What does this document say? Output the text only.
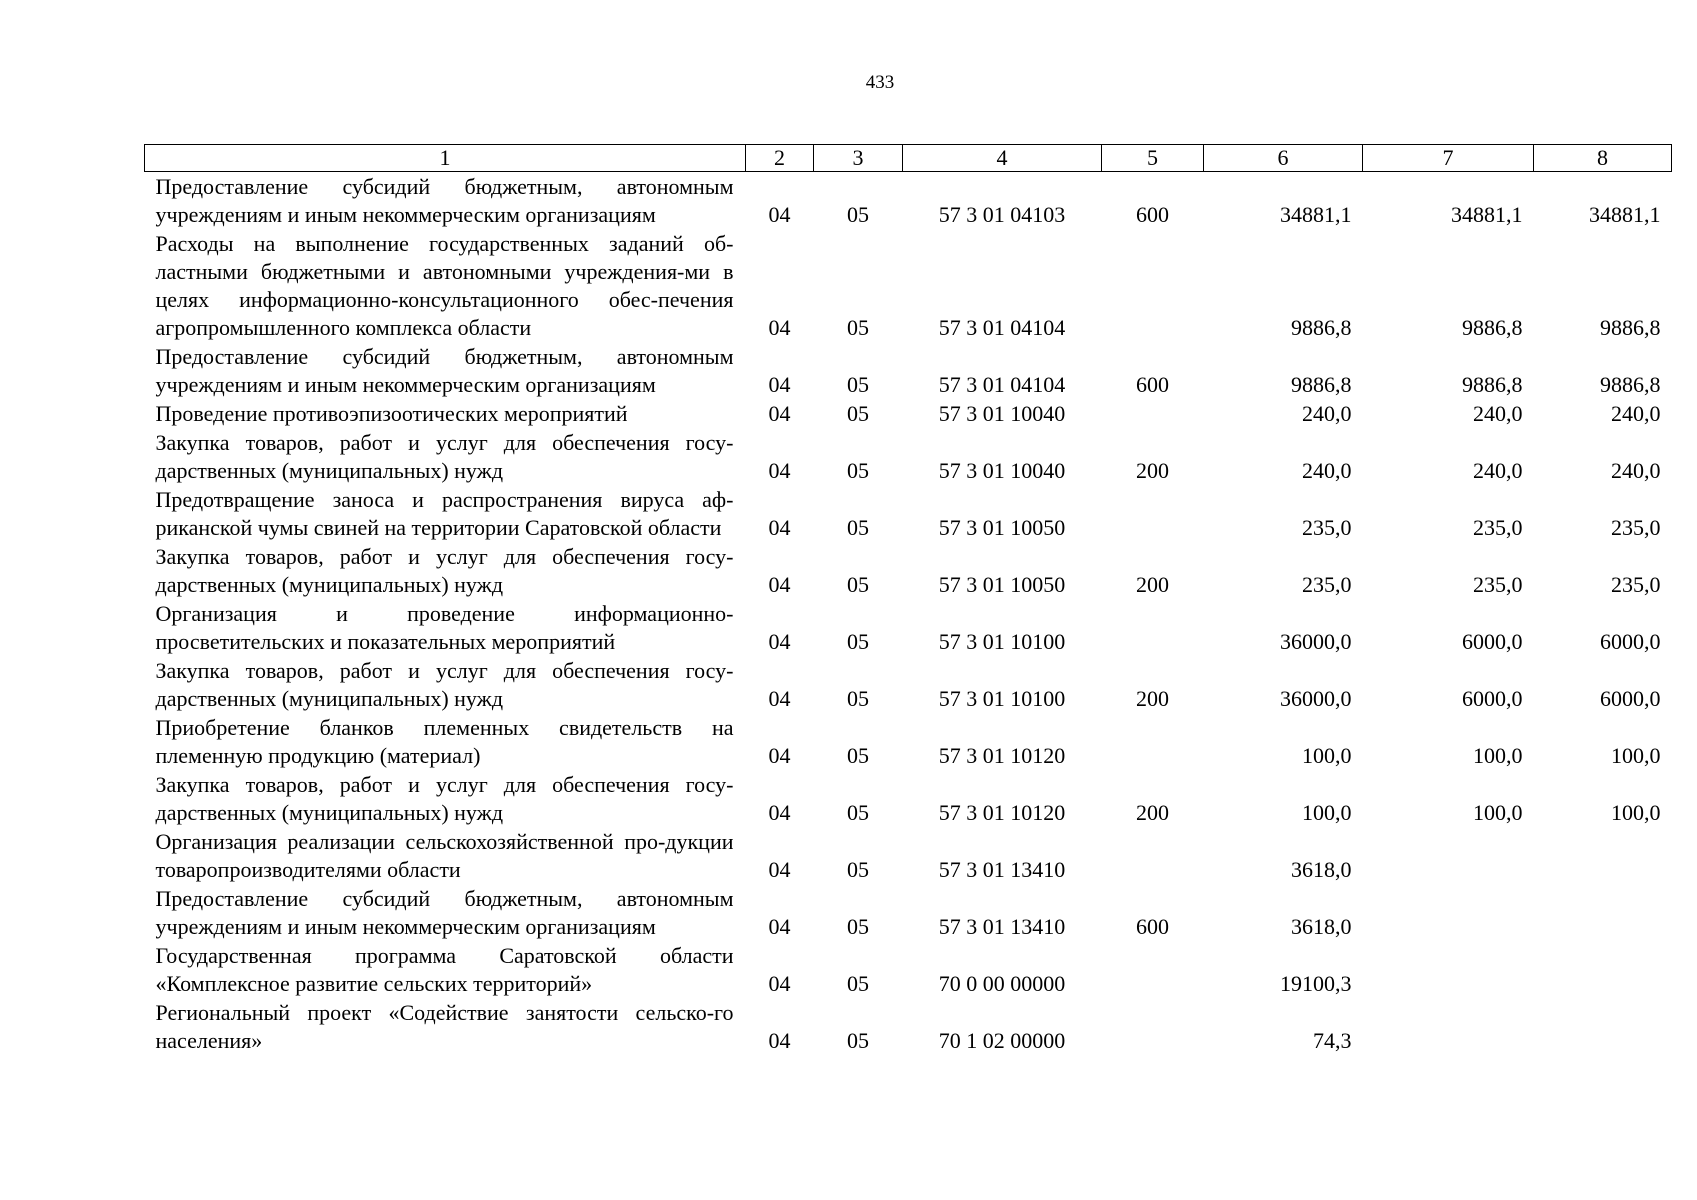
433
1	2	3	4	5	6	7	8
Предоставление субсидий бюджетным, автономным учреждениям и иным некоммерческим организациям	04	05	57 3 01 04103	600	34881,1	34881,1	34881,1
Расходы на выполнение государственных заданий об-ластными бюджетными и автономными учреждения-ми в целях информационно-консультационного обес-печения агропромышленного комплекса области	04	05	57 3 01 04104		9886,8	9886,8	9886,8
Предоставление субсидий бюджетным, автономным учреждениям и иным некоммерческим организациям	04	05	57 3 01 04104	600	9886,8	9886,8	9886,8
Проведение противоэпизоотических мероприятий	04	05	57 3 01 10040		240,0	240,0	240,0
Закупка товаров, работ и услуг для обеспечения госу-дарственных (муниципальных) нужд	04	05	57 3 01 10040	200	240,0	240,0	240,0
Предотвращение заноса и распространения вируса аф-риканской чумы свиней на территории Саратовской области	04	05	57 3 01 10050		235,0	235,0	235,0
Закупка товаров, работ и услуг для обеспечения госу-дарственных (муниципальных) нужд	04	05	57 3 01 10050	200	235,0	235,0	235,0
Организация и проведение информационно-просветительских и показательных мероприятий	04	05	57 3 01 10100		36000,0	6000,0	6000,0
Закупка товаров, работ и услуг для обеспечения госу-дарственных (муниципальных) нужд	04	05	57 3 01 10100	200	36000,0	6000,0	6000,0
Приобретение бланков племенных свидетельств на племенную продукцию (материал)	04	05	57 3 01 10120		100,0	100,0	100,0
Закупка товаров, работ и услуг для обеспечения госу-дарственных (муниципальных) нужд	04	05	57 3 01 10120	200	100,0	100,0	100,0
Организация реализации сельскохозяйственной про-дукции товаропроизводителями области	04	05	57 3 01 13410		3618,0		
Предоставление субсидий бюджетным, автономным учреждениям и иным некоммерческим организациям	04	05	57 3 01 13410	600	3618,0		
Государственная программа Саратовской области «Комплексное развитие сельских территорий»	04	05	70 0 00 00000		19100,3		
Региональный проект «Содействие занятости сельско-го населения»	04	05	70 1 02 00000		74,3		
